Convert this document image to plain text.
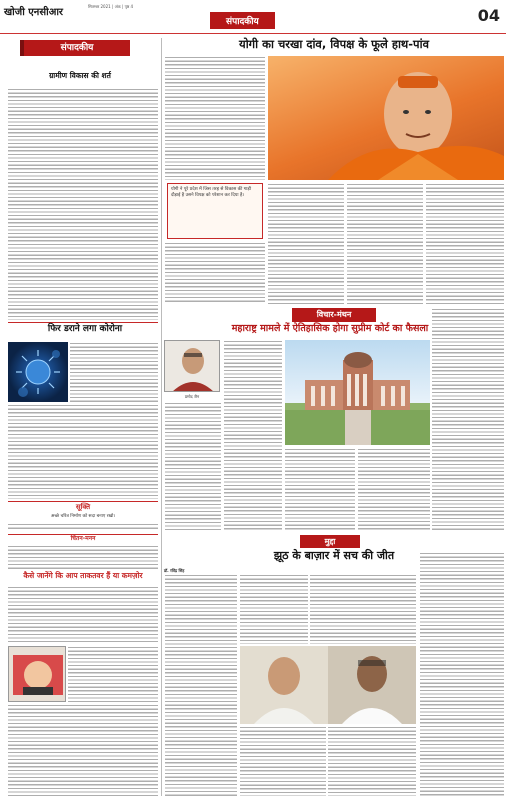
खोजी एनसीआर
सितम्बर 2021 | अंक | पृष्ठ 4
संपादकीय	04
संपादकीय
ग्रामीण विकास की शर्त
फिर डराने लगा कोरोना
सूक्ति
अच्छे चरित्र निर्माण को सदा बनाए रखो।
चिंतन-मनन
कैसे जानेंगे कि आप ताकतवर हैं या कमज़ोर
योगी का चरखा दांव, विपक्ष के फूले हाथ-पांव
योगी ने पूरे प्रदेश में जिस तरह से विकास की गाड़ी दौड़ाई है उसने विपक्ष को परेशान कर दिया है।
विचार-मंथन
महाराष्ट्र मामले में ऐतिहासिक होगा सुप्रीम कोर्ट का फैसला
प्रमोद जैन
मुद्दा
झूठ के बाज़ार में सच की जीत
डॉ. रविंद्र सिंह
